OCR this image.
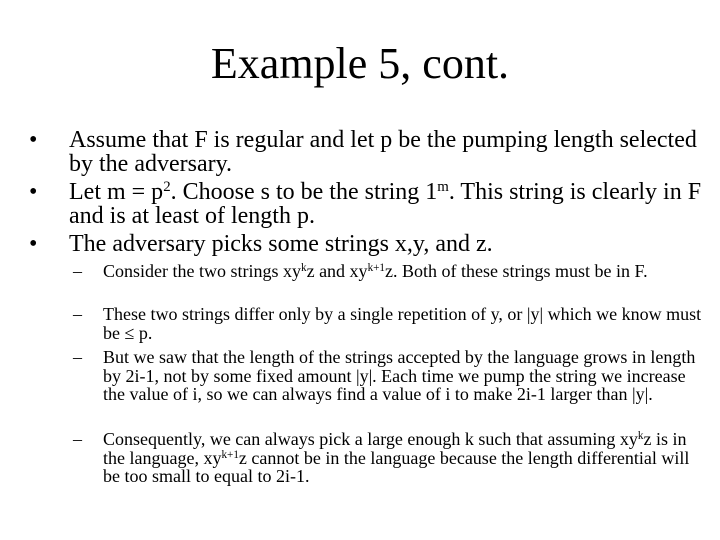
Example 5, cont.
• Assume that F is regular and let p be the pumping length selected by the adversary.
• Let $m = p^2$. Choose s to be the string 1$^m$. This string is clearly in F and is at least of length p.
• The adversary picks some strings x,y, and z.
– Consider the two strings $xy^kz$ and $xy^{k+1}z$. Both of these strings must be in F.
– These two strings differ only by a single repetition of y, or |y| which we know must be ≤ p.
– But we saw that the length of the strings accepted by the language grows in length by 2i-1, not by some fixed amount |y|. Each time we pump the string we increase the value of i, so we can always find a value of i to make 2i-1 larger than |y|.
– Consequently, we can always pick a large enough k such that assuming $xy^kz$ is in the language, $xy^{k+1}z$ cannot be in the language because the length differential will be too small to equal to 2i-1.
